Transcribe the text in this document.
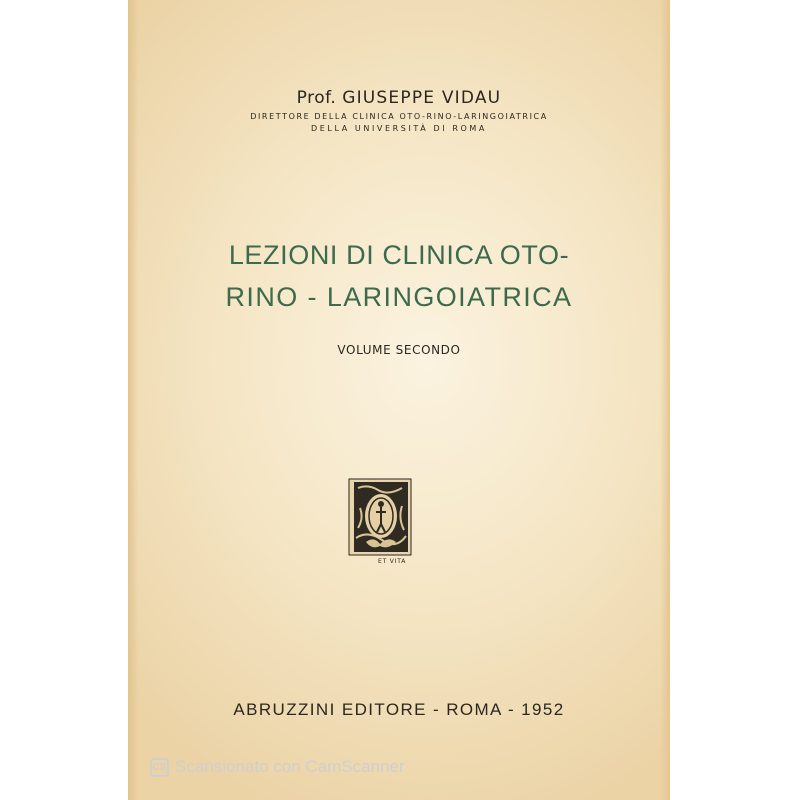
Prof. GIUSEPPE VIDAU
DIRETTORE DELLA CLINICA OTO-RINO-LARINGOIATRICA
DELLA UNIVERSITÀ DI ROMA
LEZIONI DI CLINICA OTO-
RINO - LARINGOIATRICA
VOLUME SECONDO
ET VITA
ABRUZZINI EDITORE - ROMA - 1952
CS Scansionato con CamScanner
